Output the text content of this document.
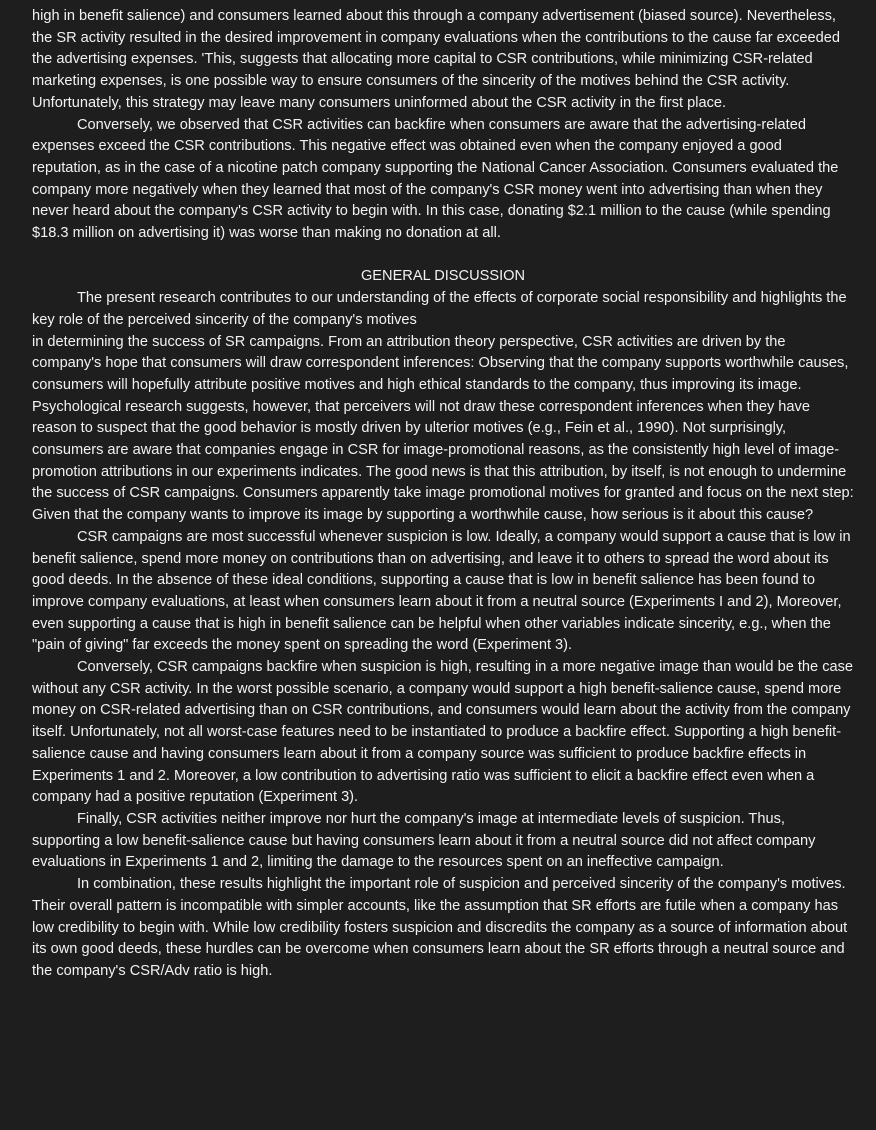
high in benefit salience) and consumers learned about this through a company advertisement (biased source). Nevertheless, the SR activity resulted in the desired improvement in company evaluations when the contributions to the cause far exceeded the advertising expenses. 'This, suggests that allocating more capital to CSR contributions, while minimizing CSR-related marketing expenses, is one possible way to ensure consumers of the sincerity of the motives behind the CSR activity. Unfortunately, this strategy may leave many consumers uninformed about the CSR activity in the first place.

Conversely, we observed that CSR activities can backfire when consumers are aware that the advertising-related expenses exceed the CSR contributions. This negative effect was obtained even when the company enjoyed a good reputation, as in the case of a nicotine patch company supporting the National Cancer Association. Consumers evaluated the company more negatively when they learned that most of the company's CSR money went into advertising than when they never heard about the company's CSR activity to begin with. In this case, donating $2.1 million to the cause (while spending $18.3 million on advertising it) was worse than making no donation at all.

GENERAL DISCUSSION

The present research contributes to our understanding of the effects of corporate social responsibility and highlights the key role of the perceived sincerity of the company's motives

in determining the success of SR campaigns. From an attribution theory perspective, CSR activities are driven by the company's hope that consumers will draw correspondent inferences: Observing that the company supports worthwhile causes, consumers will hopefully attribute positive motives and high ethical standards to the company, thus improving its image. Psychological research suggests, however, that perceivers will not draw these correspondent inferences when they have reason to suspect that the good behavior is mostly driven by ulterior motives (e.g., Fein et al., 1990). Not surprisingly, consumers are aware that companies engage in CSR for image-promotional reasons, as the consistently high level of image-promotion attributions in our experiments indicates. The good news is that this attribution, by itself, is not enough to undermine the success of CSR campaigns. Consumers apparently take image promotional motives for granted and focus on the next step: Given that the company wants to improve its image by supporting a worthwhile cause, how serious is it about this cause?

CSR campaigns are most successful whenever suspicion is low. Ideally, a company would support a cause that is low in benefit salience, spend more money on contributions than on advertising, and leave it to others to spread the word about its good deeds. In the absence of these ideal conditions, supporting a cause that is low in benefit salience has been found to improve company evaluations, at least when consumers learn about it from a neutral source (Experiments I and 2), Moreover, even supporting a cause that is high in benefit salience can be helpful when other variables indicate sincerity, e.g., when the "pain of giving" far exceeds the money spent on spreading the word (Experiment 3).

Conversely, CSR campaigns backfire when suspicion is high, resulting in a more negative image than would be the case without any CSR activity. In the worst possible scenario, a company would support a high benefit-salience cause, spend more money on CSR-related advertising than on CSR contributions, and consumers would learn about the activity from the company itself. Unfortunately, not all worst-case features need to be instantiated to produce a backfire effect. Supporting a high benefit-salience cause and having consumers learn about it from a company source was sufficient to produce backfire effects in Experiments 1 and 2. Moreover, a low contribution to advertising ratio was sufficient to elicit a backfire effect even when a company had a positive reputation (Experiment 3).

Finally, CSR activities neither improve nor hurt the company's image at intermediate levels of suspicion. Thus, supporting a low benefit-salience cause but having consumers learn about it from a neutral source did not affect company evaluations in Experiments 1 and 2, limiting the damage to the resources spent on an ineffective campaign.

In combination, these results highlight the important role of suspicion and perceived sincerity of the company's motives. Their overall pattern is incompatible with simpler accounts, like the assumption that SR efforts are futile when a company has low credibility to begin with. While low credibility fosters suspicion and discredits the company as a source of information about its own good deeds, these hurdles can be overcome when consumers learn about the SR efforts through a neutral source and the company's CSR/Adv ratio is high.
